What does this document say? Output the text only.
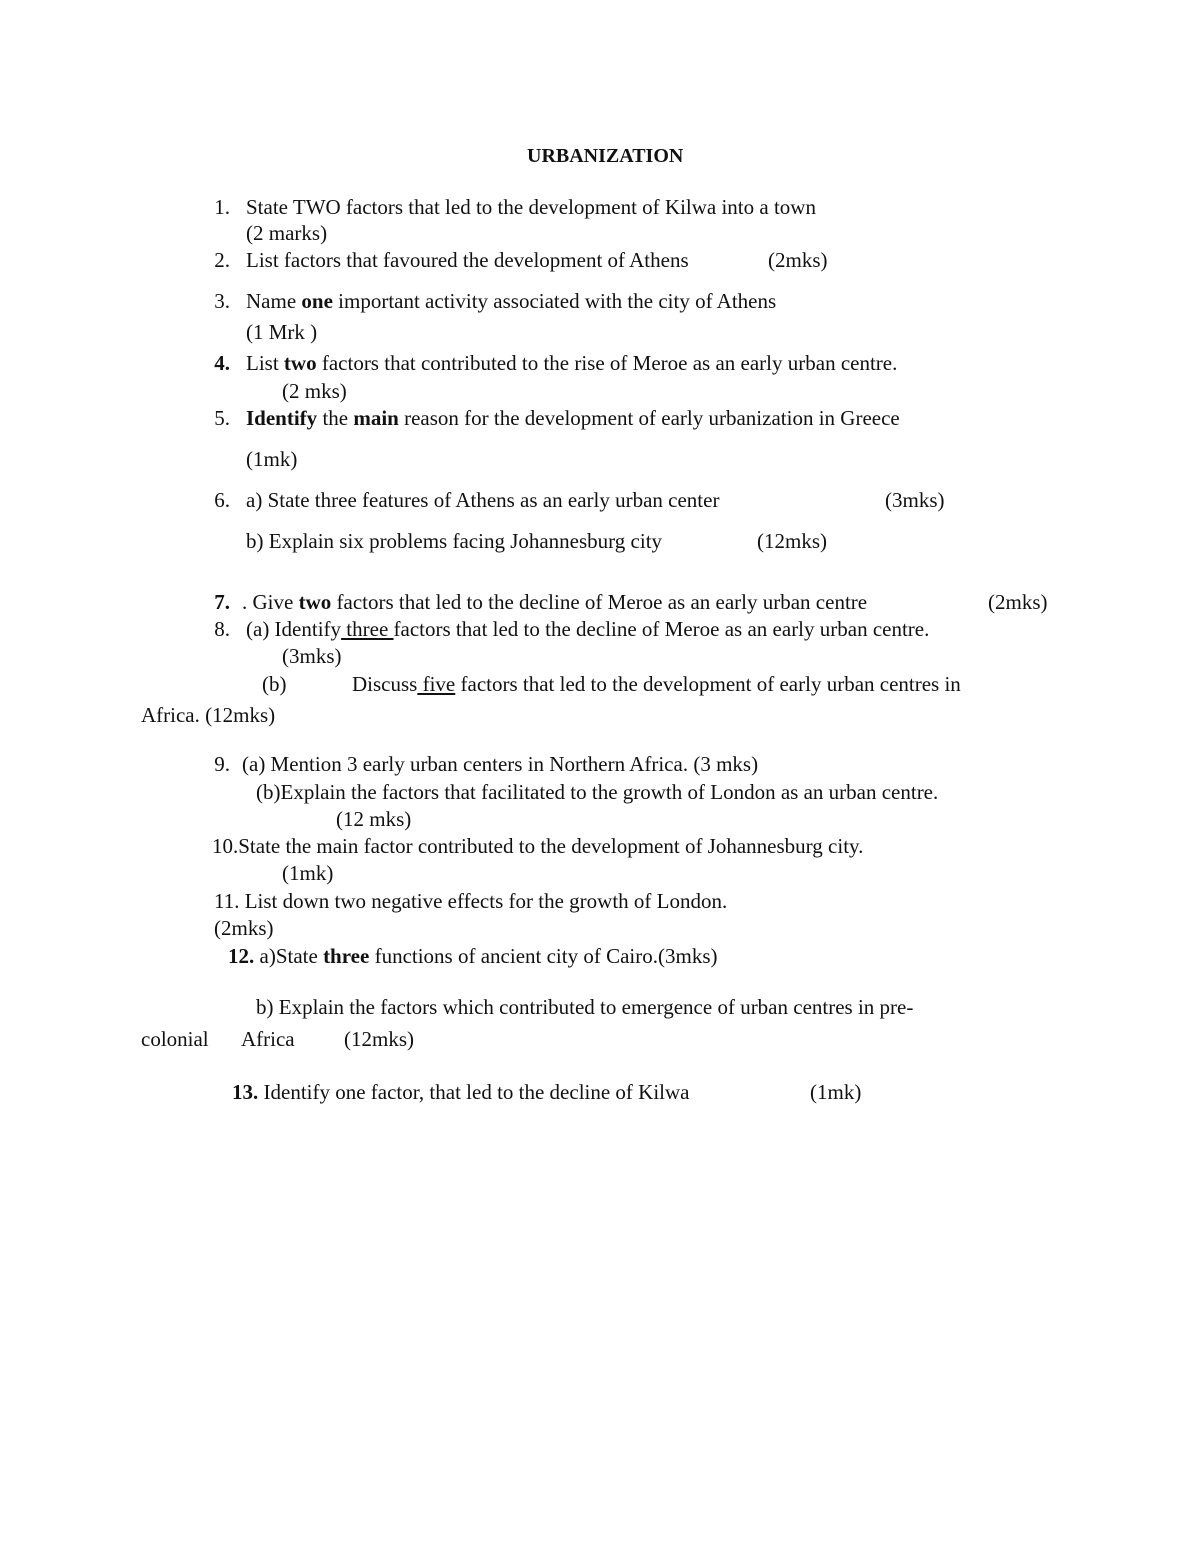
URBANIZATION
1. State TWO factors that led to the development of Kilwa into a town
(2 marks)
2. List factors that favoured the development of Athens	(2mks)
3. Name one important activity associated with the city of Athens
(1 Mrk )
4. List two factors that contributed to the rise of Meroe as an early urban centre.
(2 mks)
5. Identify the main reason for the development of early urbanization in Greece
(1mk)
6. a) State three features of Athens as an early urban center	(3mks)
b) Explain six problems facing Johannesburg city	(12mks)
7. . Give two factors that led to the decline of Meroe as an early urban centre	(2mks)
8. (a) Identify three factors that led to the decline of Meroe as an early urban centre.
(3mks)
(b)	Discuss five factors that led to the development of early urban centres in
Africa. (12mks)
9. (a) Mention 3 early urban centers in Northern Africa. (3 mks)
(b)Explain the factors that facilitated to the growth of London as an urban centre.
(12 mks)
10.State the main factor contributed to the development of Johannesburg city.
(1mk)
11. List down two negative effects for the growth of London.
(2mks)
12. a)State three functions of ancient city of Cairo.(3mks)
b) Explain the factors which contributed to emergence of urban centres in pre-
colonial Africa (12mks)
13. Identify one factor, that led to the decline of Kilwa	(1mk)
